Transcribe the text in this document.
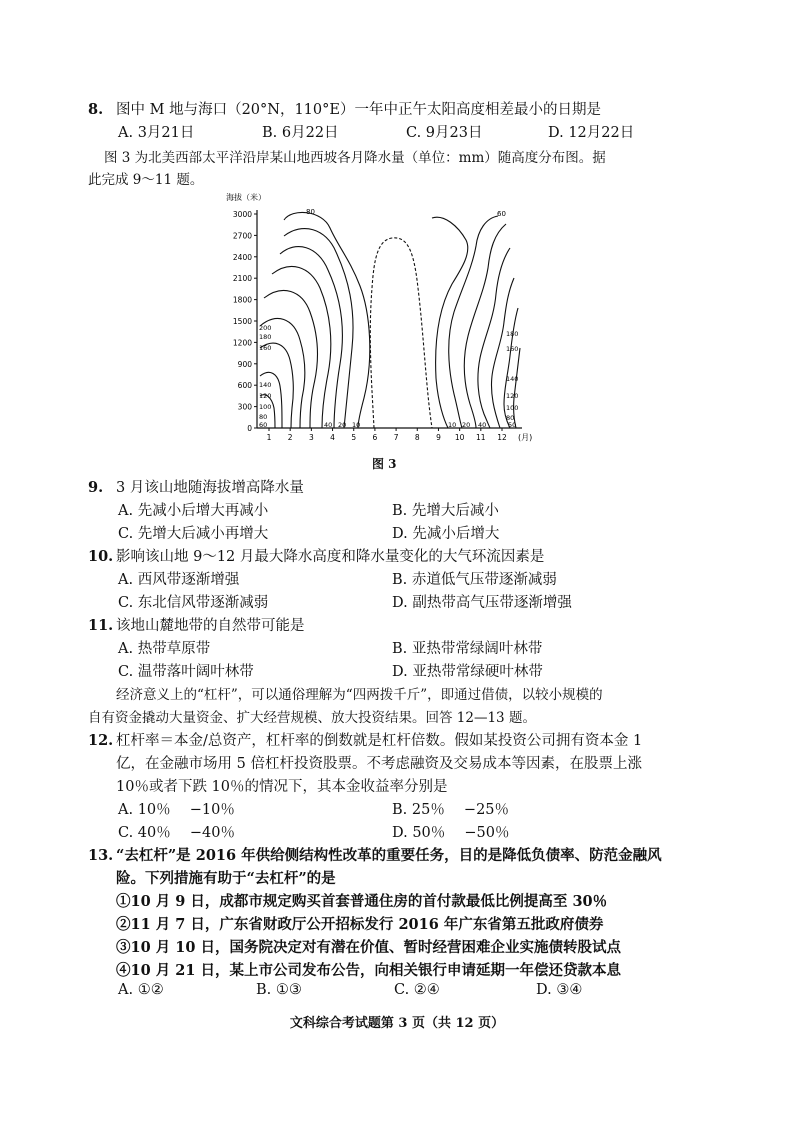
8. 图中 M 地与海口（20°N，110°E）一年中正午太阳高度相差最小的日期是
A. 3月21日	B. 6月22日	C. 9月23日	D. 12月22日
图 3 为北美西部太平洋沿岸某山地西坡各月降水量（单位：mm）随高度分布图。据
此完成 9～11 题。
海拔（米）
0
300
600
900
1200
1500
1800
2100
2400
2700
3000
1 2 3 4 5 6 7 8 9 10 11 12 (月)
80	60
200
180
160
140
120
100
80
60
180
160
140
120
100
80
50
40 20 10	10 20 40
图 3
9. 3 月该山地随海拔增高降水量
A. 先减小后增大再减小	B. 先增大后减小
C. 先增大后减小再增大	D. 先减小后增大
10. 影响该山地 9～12 月最大降水高度和降水量变化的大气环流因素是
A. 西风带逐渐增强	B. 赤道低气压带逐渐减弱
C. 东北信风带逐渐减弱	D. 副热带高气压带逐渐增强
11. 该地山麓地带的自然带可能是
A. 热带草原带	B. 亚热带常绿阔叶林带
C. 温带落叶阔叶林带	D. 亚热带常绿硬叶林带
经济意义上的“杠杆”，可以通俗理解为“四两拨千斤”，即通过借债，以较小规模的
自有资金撬动大量资金、扩大经营规模、放大投资结果。回答 12—13 题。
12. 杠杆率＝本金/总资产，杠杆率的倒数就是杠杆倍数。假如某投资公司拥有资本金 1
亿，在金融市场用 5 倍杠杆投资股票。不考虑融资及交易成本等因素，在股票上涨
10％或者下跌 10％的情况下，其本金收益率分别是
A. 10％　 −10％	B. 25％　 −25％
C. 40％　 −40％	D. 50％　 −50％
13. “去杠杆”是 2016 年供给侧结构性改革的重要任务，目的是降低负债率、防范金融风
险。下列措施有助于“去杠杆”的是
①10 月 9 日，成都市规定购买首套普通住房的首付款最低比例提高至 30％
②11 月 7 日，广东省财政厅公开招标发行 2016 年广东省第五批政府债券
③10 月 10 日，国务院决定对有潜在价值、暂时经营困难企业实施债转股试点
④10 月 21 日，某上市公司发布公告，向相关银行申请延期一年偿还贷款本息
A. ①②	B. ①③	C. ②④	D. ③④
文科综合考试题第 3 页（共 12 页）
